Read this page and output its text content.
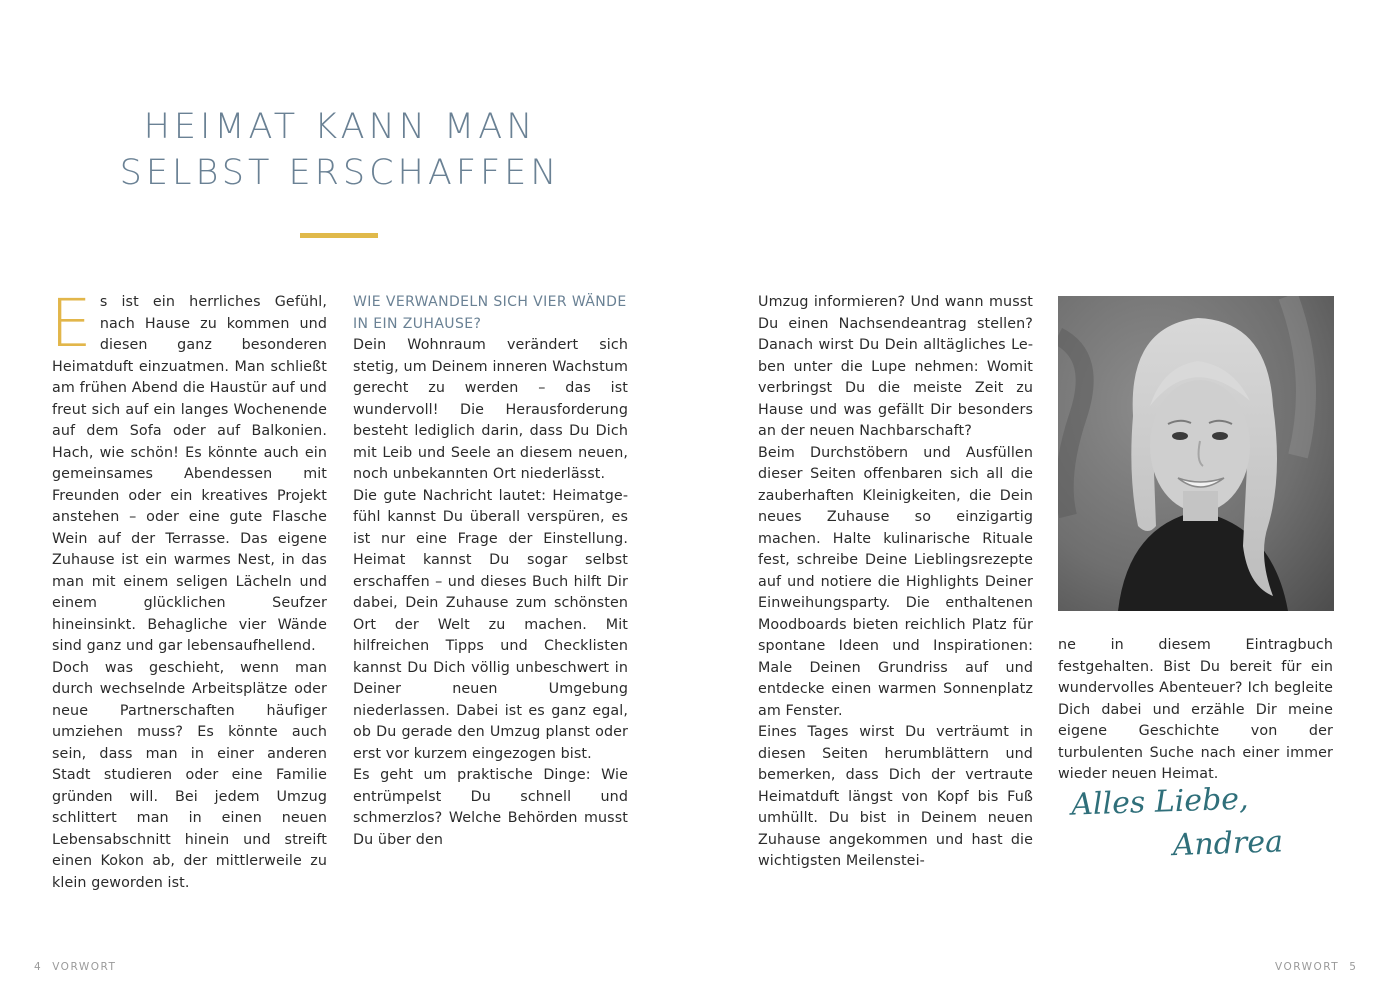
HEIMAT KANN MAN
SELBST ERSCHAFFEN
E s ist ein herrliches Gefühl, nach Hause zu kommen und diesen ganz besonderen Heimatduft einzuatmen. Man schließt am frühen Abend die Haustür auf und freut sich auf ein langes Wochenende auf dem Sofa oder auf Balkonien. Hach, wie schön! Es könnte auch ein gemeinsames Abendessen mit Freunden oder ein kreatives Projekt anstehen – oder eine gute Flasche Wein auf der Terrasse. Das eigene Zuhause ist ein warmes Nest, in das man mit einem seligen Lächeln und einem glücklichen Seufzer hineinsinkt. Behagliche vier Wände sind ganz und gar lebensaufhellend.

Doch was geschieht, wenn man durch wechselnde Arbeitsplätze oder neue Partnerschaften häufiger umziehen muss? Es könnte auch sein, dass man in einer anderen Stadt studieren oder eine Familie gründen will. Bei jedem Umzug schlittert man in einen neuen Lebensabschnitt hinein und streift einen Kokon ab, der mittlerweile zu klein geworden ist.

WIE VERWANDELN SICH VIER WÄNDE IN EIN ZUHAUSE?

Dein Wohnraum verändert sich stetig, um Deinem inneren Wachstum gerecht zu werden – das ist wundervoll! Die Herausforderung besteht lediglich darin, dass Du Dich mit Leib und Seele an diesem neuen, noch unbekannten Ort niederlässt.

Die gute Nachricht lautet: Heimatgefühl kannst Du überall verspüren, es ist nur eine Frage der Einstellung. Heimat kannst Du sogar selbst erschaffen – und dieses Buch hilft Dir dabei, Dein Zuhause zum schönsten Ort der Welt zu machen. Mit hilfreichen Tipps und Checklisten kannst Du Dich völlig unbeschwert in Deiner neuen Umgebung niederlassen. Dabei ist es ganz egal, ob Du gerade den Umzug planst oder erst vor kurzem eingezogen bist.

Es geht um praktische Dinge: Wie entrümpelst Du schnell und schmerzlos? Welche Behörden musst Du über den

Umzug informieren? Und wann musst Du einen Nachsendeantrag stellen? Danach wirst Du Dein alltägliches Leben unter die Lupe nehmen: Womit verbringst Du die meiste Zeit zu Hause und was gefällt Dir besonders an der neuen Nachbarschaft?

Beim Durchstöbern und Ausfüllen dieser Seiten offenbaren sich all die zauberhaften Kleinigkeiten, die Dein neues Zuhause so einzigartig machen. Halte kulinarische Rituale fest, schreibe Deine Lieblingsrezepte auf und notiere die Highlights Deiner Einweihungsparty. Die enthaltenen Moodboards bieten reichlich Platz für spontane Ideen und Inspirationen: Male Deinen Grundriss auf und entdecke einen warmen Sonnenplatz am Fenster.

Eines Tages wirst Du verträumt in diesen Seiten herumblättern und bemerken, dass Dich der vertraute Heimatduft längst von Kopf bis Fuß umhüllt. Du bist in Deinem neuen Zuhause angekommen und hast die wichtigsten Meilenstei-

ne in diesem Eintragbuch festgehalten. Bist Du bereit für ein wundervolles Abenteuer? Ich begleite Dich dabei und erzähle Dir meine eigene Geschichte von der turbulenten Suche nach einer immer wieder neuen Heimat.

Alles Liebe,
Andrea
4 VORWORT	VORWORT 5
